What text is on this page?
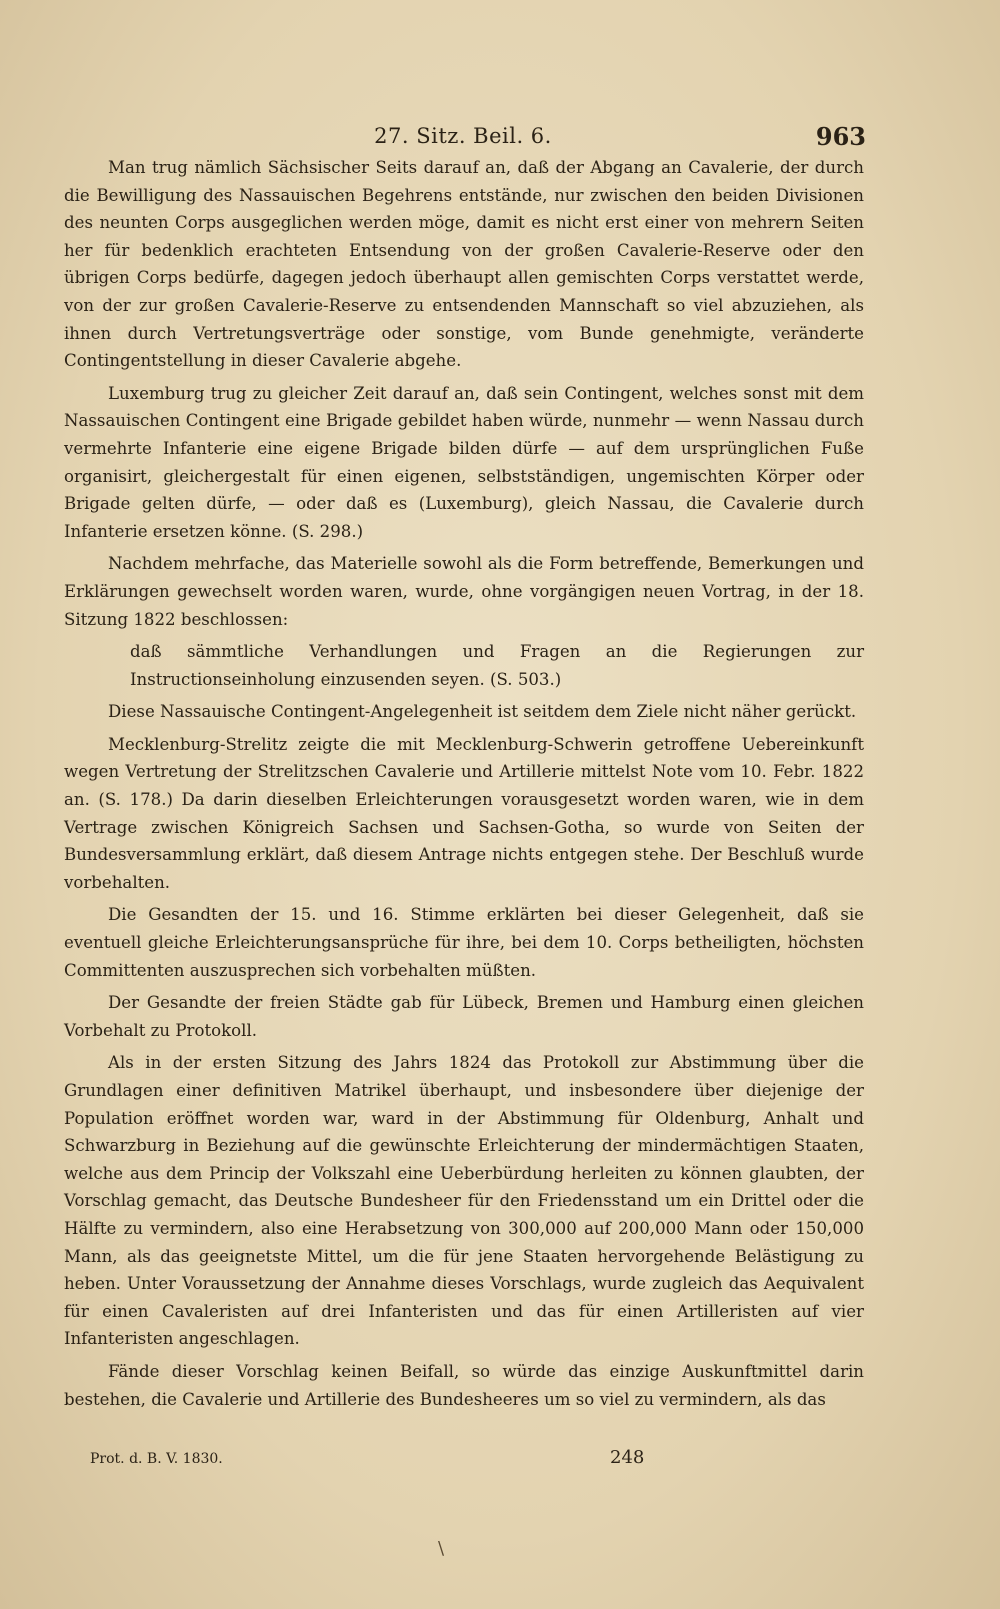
27. Sitz. Beil. 6.	963

Man trug nämlich Sächsischer Seits darauf an, daß der Abgang an Cavalerie, der durch die Bewilligung des Nassauischen Begehrens entstände, nur zwischen den beiden Divisionen des neunten Corps ausgeglichen werden möge, damit es nicht erst einer von mehrern Seiten her für bedenklich erachteten Entsendung von der großen Cavalerie-Reserve oder den übrigen Corps bedürfe, dagegen jedoch überhaupt allen gemischten Corps verstattet werde, von der zur großen Cavalerie-Reserve zu entsendenden Mannschaft so viel abzuziehen, als ihnen durch Vertretungsverträge oder sonstige, vom Bunde genehmigte, veränderte Contingentstellung in dieser Cavalerie abgehe.

Luxemburg trug zu gleicher Zeit darauf an, daß sein Contingent, welches sonst mit dem Nassauischen Contingent eine Brigade gebildet haben würde, nunmehr — wenn Nassau durch vermehrte Infanterie eine eigene Brigade bilden dürfe — auf dem ursprünglichen Fuße organisirt, gleichergestalt für einen eigenen, selbstständigen, ungemischten Körper oder Brigade gelten dürfe, — oder daß es (Luxemburg), gleich Nassau, die Cavalerie durch Infanterie ersetzen könne. (S. 298.)

Nachdem mehrfache, das Materielle sowohl als die Form betreffende, Bemerkungen und Erklärungen gewechselt worden waren, wurde, ohne vorgängigen neuen Vortrag, in der 18. Sitzung 1822 beschlossen:

daß sämmtliche Verhandlungen und Fragen an die Regierungen zur Instructionseinholung einzusenden seyen. (S. 503.)

Diese Nassauische Contingent-Angelegenheit ist seitdem dem Ziele nicht näher gerückt.

Mecklenburg-Strelitz zeigte die mit Mecklenburg-Schwerin getroffene Uebereinkunft wegen Vertretung der Strelitzschen Cavalerie und Artillerie mittelst Note vom 10. Febr. 1822 an. (S. 178.) Da darin dieselben Erleichterungen vorausgesetzt worden waren, wie in dem Vertrage zwischen Königreich Sachsen und Sachsen-Gotha, so wurde von Seiten der Bundesversammlung erklärt, daß diesem Antrage nichts entgegen stehe. Der Beschluß wurde vorbehalten.

Die Gesandten der 15. und 16. Stimme erklärten bei dieser Gelegenheit, daß sie eventuell gleiche Erleichterungsansprüche für ihre, bei dem 10. Corps betheiligten, höchsten Committenten auszusprechen sich vorbehalten müßten.

Der Gesandte der freien Städte gab für Lübeck, Bremen und Hamburg einen gleichen Vorbehalt zu Protokoll.

Als in der ersten Sitzung des Jahrs 1824 das Protokoll zur Abstimmung über die Grundlagen einer definitiven Matrikel überhaupt, und insbesondere über diejenige der Population eröffnet worden war, ward in der Abstimmung für Oldenburg, Anhalt und Schwarzburg in Beziehung auf die gewünschte Erleichterung der mindermächtigen Staaten, welche aus dem Princip der Volkszahl eine Ueberbürdung herleiten zu können glaubten, der Vorschlag gemacht, das Deutsche Bundesheer für den Friedensstand um ein Drittel oder die Hälfte zu vermindern, also eine Herabsetzung von 300,000 auf 200,000 Mann oder 150,000 Mann, als das geeignetste Mittel, um die für jene Staaten hervorgehende Belästigung zu heben. Unter Voraussetzung der Annahme dieses Vorschlags, wurde zugleich das Aequivalent für einen Cavaleristen auf drei Infanteristen und das für einen Artilleristen auf vier Infanteristen angeschlagen.

Fände dieser Vorschlag keinen Beifall, so würde das einzige Auskunftmittel darin bestehen, die Cavalerie und Artillerie des Bundesheeres um so viel zu vermindern, als das

Prot. d. B. V. 1830.	248
\
